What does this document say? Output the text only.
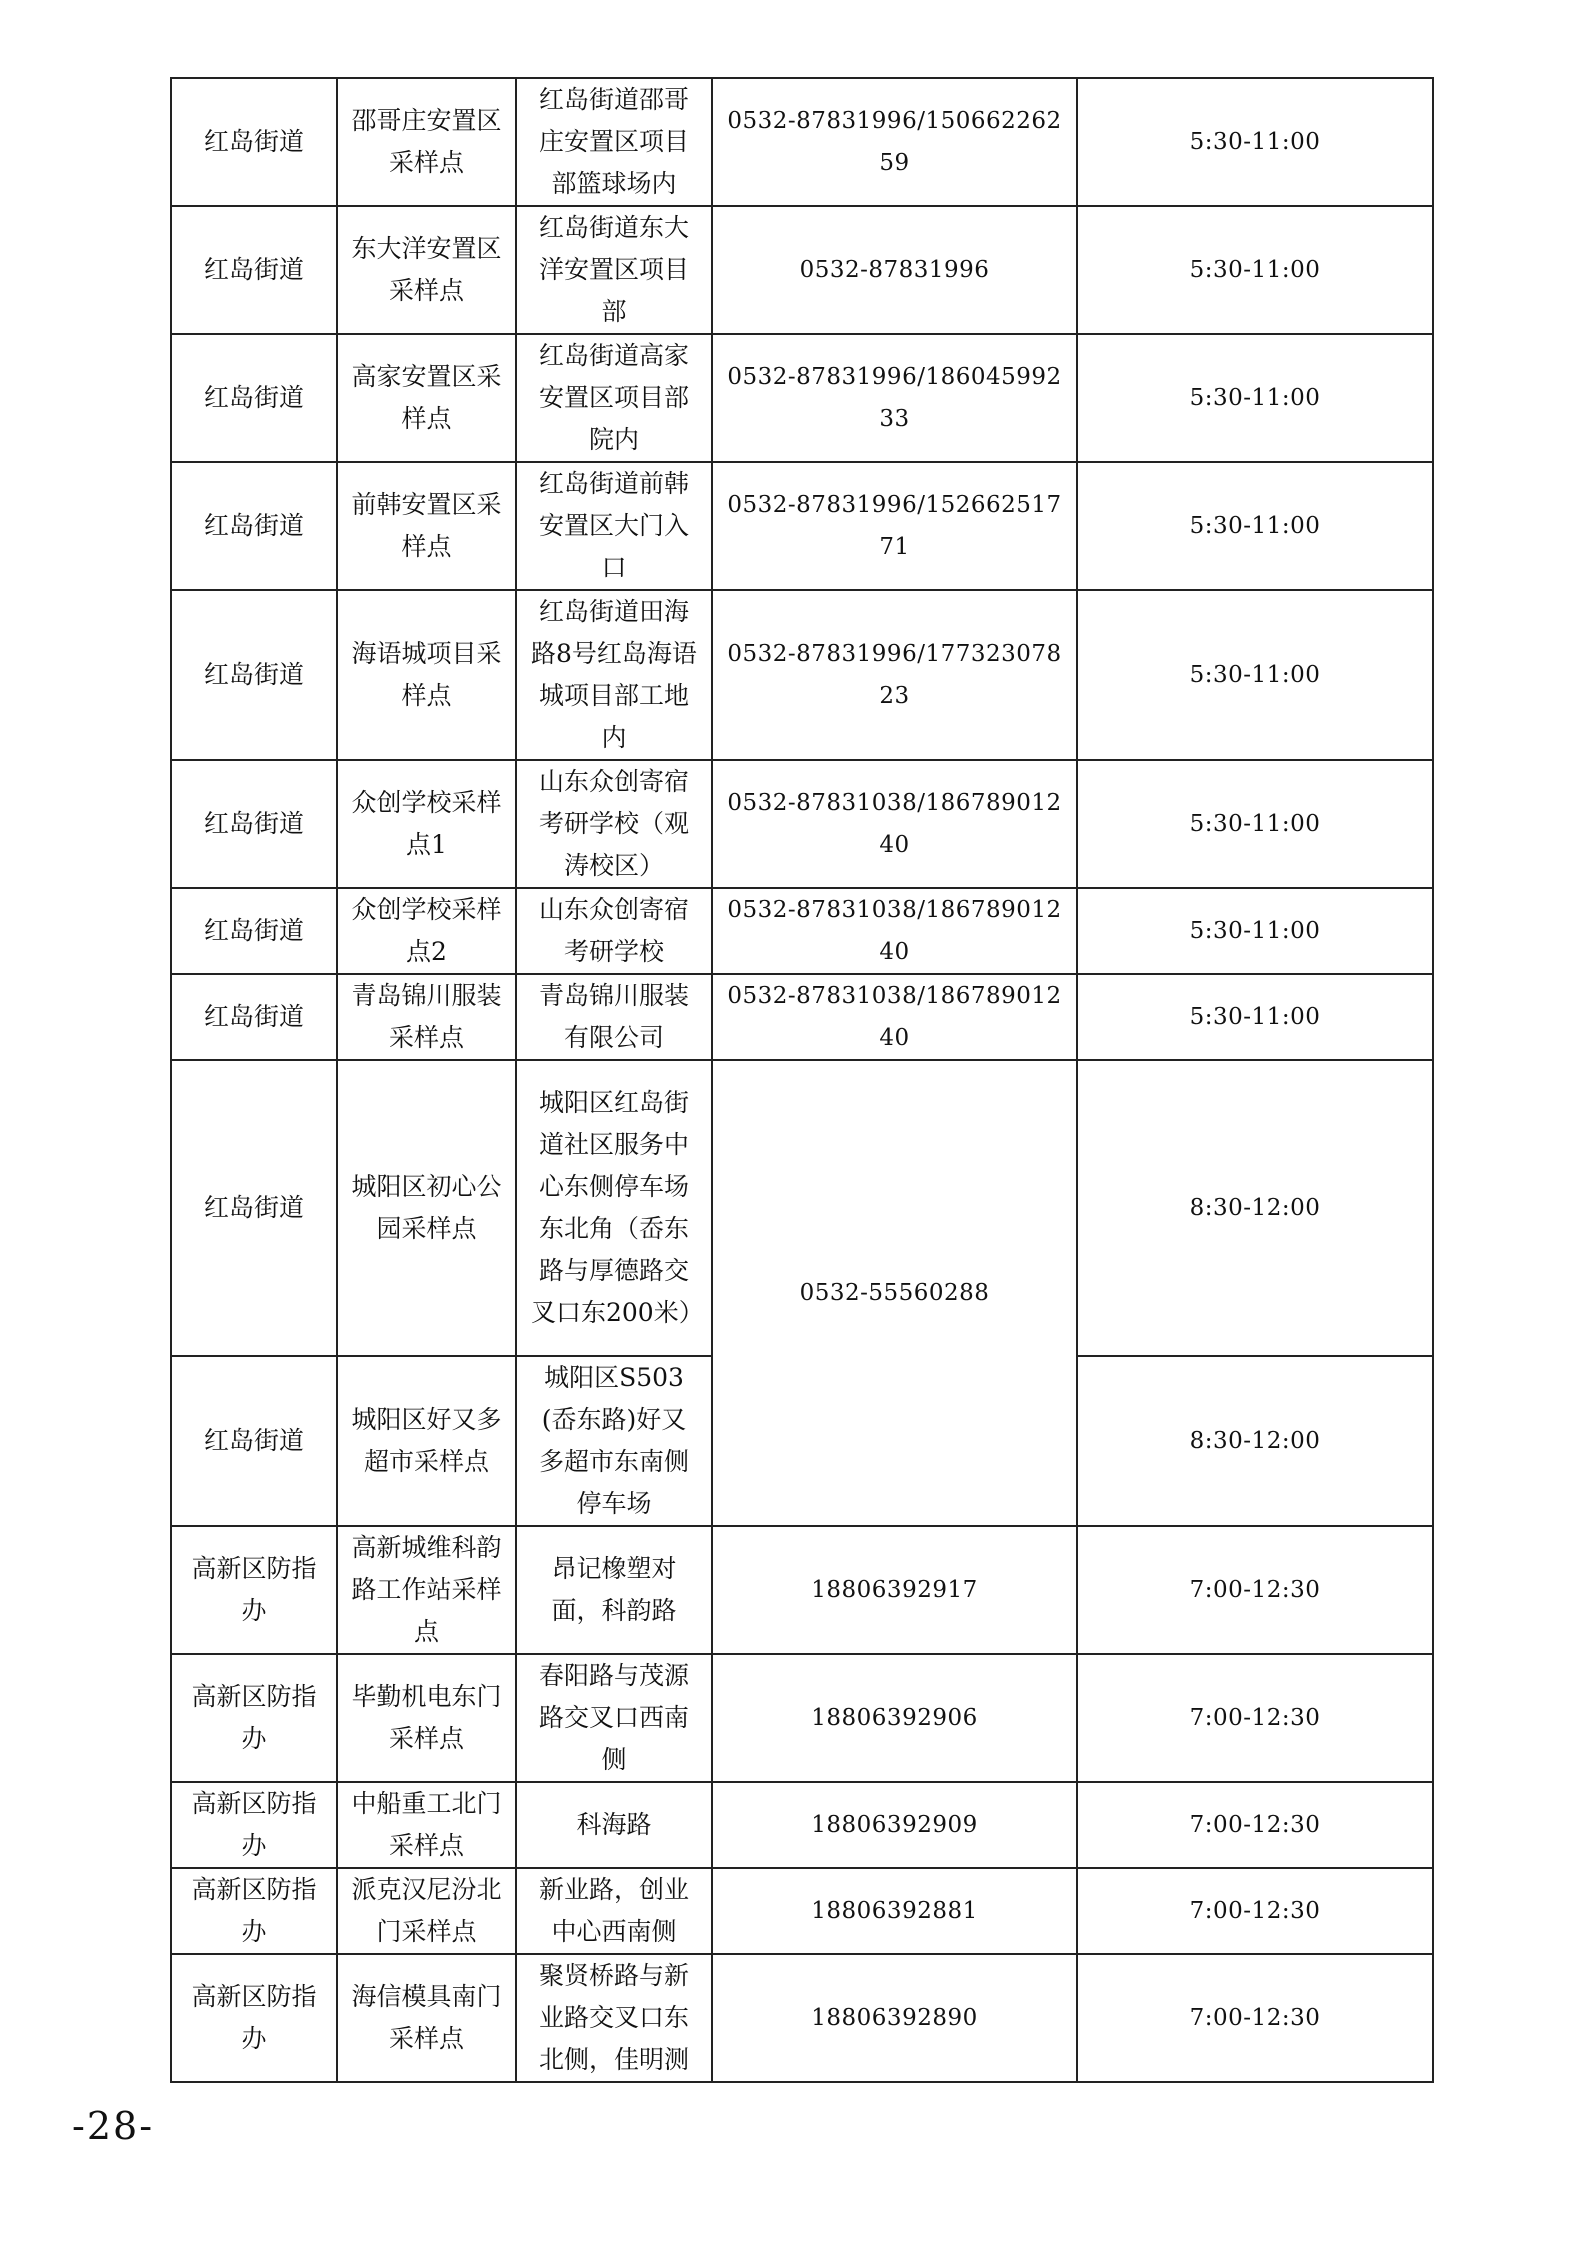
红岛街道	邵哥庄安置区采样点	红岛街道邵哥庄安置区项目部篮球场内	0532-87831996/15066226259	5:30-11:00
红岛街道	东大洋安置区采样点	红岛街道东大洋安置区项目部	0532-87831996	5:30-11:00
红岛街道	高家安置区采样点	红岛街道高家安置区项目部院内	0532-87831996/18604599233	5:30-11:00
红岛街道	前韩安置区采样点	红岛街道前韩安置区大门入口	0532-87831996/15266251771	5:30-11:00
红岛街道	海语城项目采样点	红岛街道田海路8号红岛海语城项目部工地内	0532-87831996/17732307823	5:30-11:00
红岛街道	众创学校采样点1	山东众创寄宿考研学校（观涛校区）	0532-87831038/18678901240	5:30-11:00
红岛街道	众创学校采样点2	山东众创寄宿考研学校	0532-87831038/18678901240	5:30-11:00
红岛街道	青岛锦川服装采样点	青岛锦川服装有限公司	0532-87831038/18678901240	5:30-11:00
红岛街道	城阳区初心公园采样点	城阳区红岛街道社区服务中心东侧停车场东北角（岙东路与厚德路交叉口东200米）	0532-55560288	8:30-12:00
红岛街道	城阳区好又多超市采样点	城阳区S503(岙东路)好又多超市东南侧停车场		8:30-12:00
高新区防指办	高新城维科韵路工作站采样点	昂记橡塑对面，科韵路	18806392917	7:00-12:30
高新区防指办	毕勤机电东门采样点	春阳路与茂源路交叉口西南侧	18806392906	7:00-12:30
高新区防指办	中船重工北门采样点	科海路	18806392909	7:00-12:30
高新区防指办	派克汉尼汾北门采样点	新业路，创业中心西南侧	18806392881	7:00-12:30
高新区防指办	海信模具南门采样点	聚贤桥路与新业路交叉口东北侧，佳明测	18806392890	7:00-12:30
-28-
